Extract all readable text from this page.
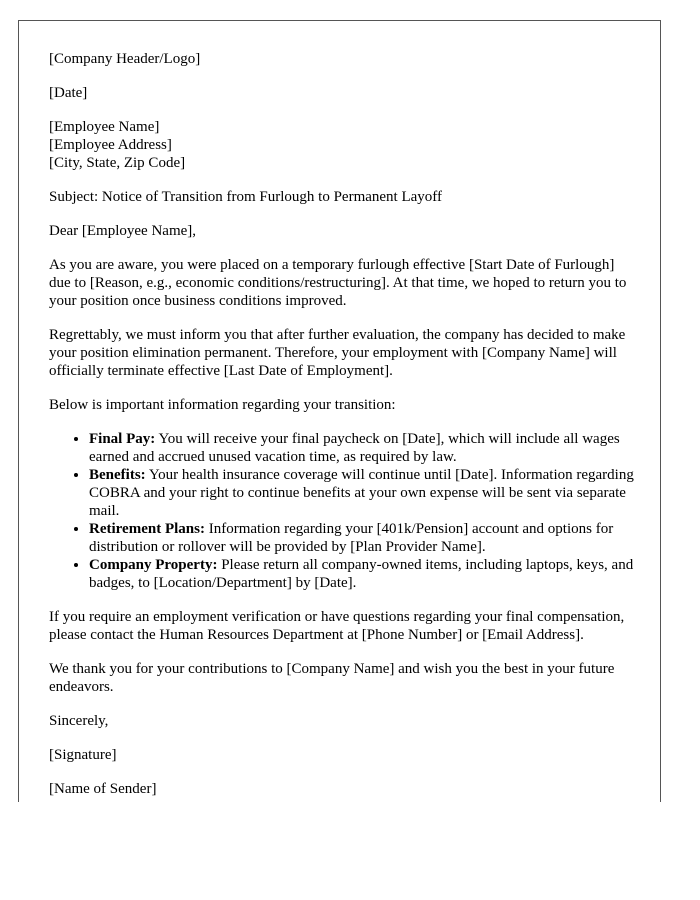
[Company Header/Logo]

[Date]

[Employee Name]
[Employee Address]
[City, State, Zip Code]

Subject: Notice of Transition from Furlough to Permanent Layoff

Dear [Employee Name],

As you are aware, you were placed on a temporary furlough effective [Start Date of Furlough] due to [Reason, e.g., economic conditions/restructuring]. At that time, we hoped to return you to your position once business conditions improved.

Regrettably, we must inform you that after further evaluation, the company has decided to make your position elimination permanent. Therefore, your employment with [Company Name] will officially terminate effective [Last Date of Employment].

Below is important information regarding your transition:

• Final Pay: You will receive your final paycheck on [Date], which will include all wages earned and accrued unused vacation time, as required by law.
• Benefits: Your health insurance coverage will continue until [Date]. Information regarding COBRA and your right to continue benefits at your own expense will be sent via separate mail.
• Retirement Plans: Information regarding your [401k/Pension] account and options for distribution or rollover will be provided by [Plan Provider Name].
• Company Property: Please return all company-owned items, including laptops, keys, and badges, to [Location/Department] by [Date].

If you require an employment verification or have questions regarding your final compensation, please contact the Human Resources Department at [Phone Number] or [Email Address].

We thank you for your contributions to [Company Name] and wish you the best in your future endeavors.

Sincerely,

[Signature]

[Name of Sender]
